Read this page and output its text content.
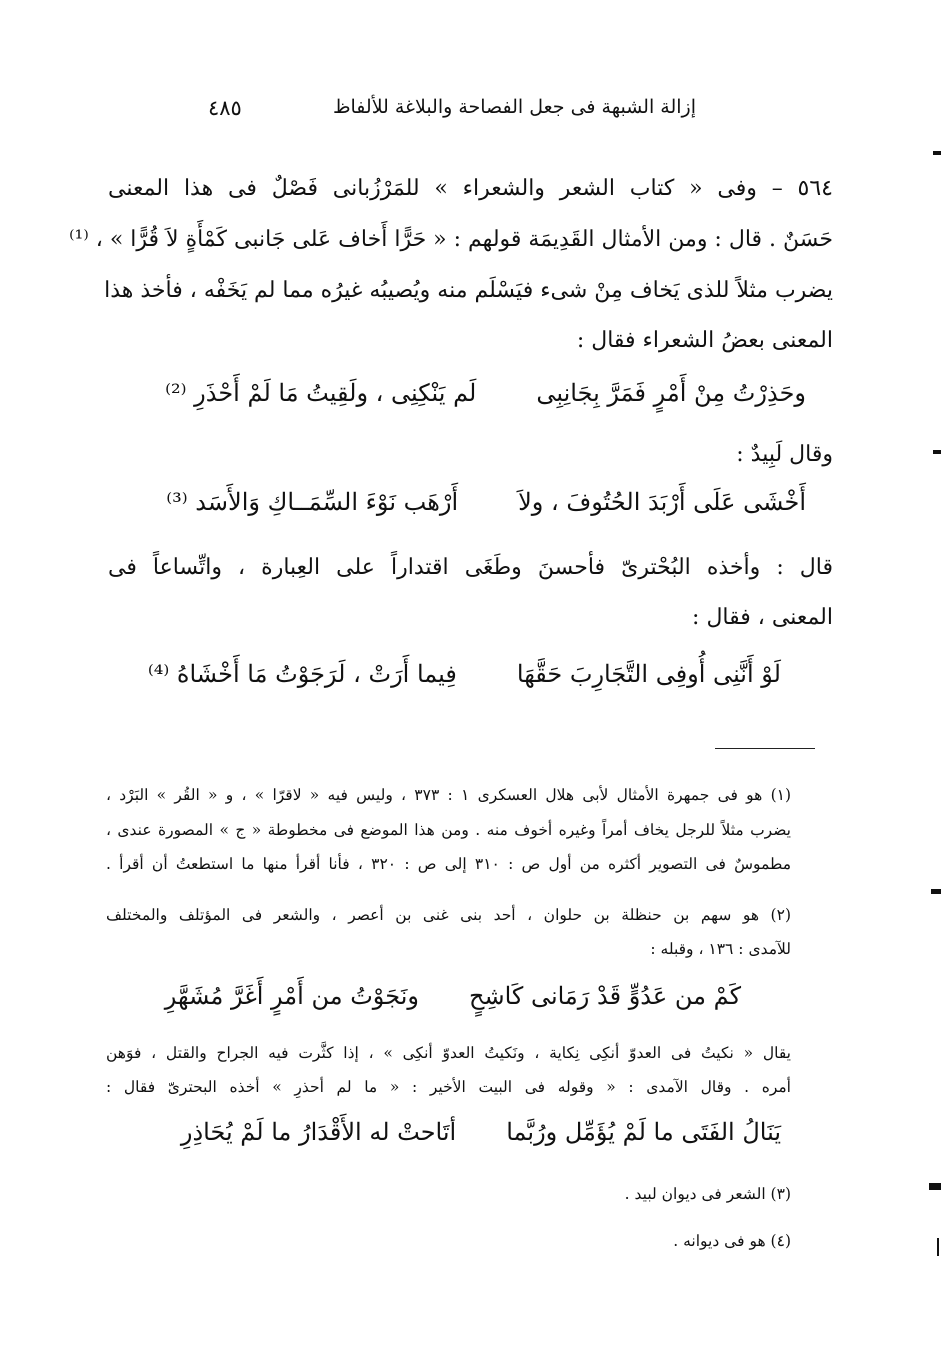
إزالة الشبهة فى جعل الفصاحة والبلاغة للألفاظ
٤٨٥
٥٦٤ – وفى « كتاب الشعر والشعراء » للمَرْزُبانى فَصْلٌ فى هذا المعنى
حَسَنٌ . قال : ومن الأمثال القَدِيمَة قولهم : « حَرًّا أَخاف عَلى جَانبى كَمْأَةٍ لاَ قُرًّا » ، ⁽¹⁾
يضرب مثلاً للذى يَخاف مِنْ شىء فيَسْلَم منه ويُصيبُه غيرُه مما لم يَخَفْه ، فأخذ هذا
المعنى بعضُ الشعراء فقال :
وحَذِرْتُ مِنْ أَمْرٍ فَمَرَّ بِجَانِبِى
لَم يَنْكِنِى ، ولَقِيتُ مَا لَمْ أَحْذَرِ ⁽²⁾
وقال لَبِيدٌ :
أَخْشَى عَلَى أَرْبَدَ الحُتُوفَ ، ولاَ
أَرْهَب نَوْءَ السِّمَــاكِ وَالأَسَد ⁽³⁾
قال : وأخذه البُحْترىّ فأحسنَ وطَغَى اقتداراً على العِبارة ، واتِّساعاً فى
المعنى ، فقال :
لَوْ أَنَّنِى أُوفِى التَّجَارِبَ حَقَّهَا
فِيما أَرَتْ ، لَرَجَوْتُ مَا أَخْشَاهُ ⁽⁴⁾
(١) هو فى جمهرة الأمثال لأبى هلال العسكرى ١ : ٣٧٣ ، وليس فيه « لاقرّا » ، و « القُر » البَرْد ،
يضرب مثلاً للرجل يخاف أمراً وغيره أخوف منه . ومن هذا الموضع فى مخطوطة « ج » المصورة عندى ،
مطموسٌ فى التصوير أكثره من أول ص : ٣١٠ إلى ص : ٣٢٠ ، فأنا أقرأ منها ما استطعتُ أن أقرأ .
(٢) هو سهم بن حنظلة بن حلوان ، أحد بنى غنى بن أعصر ، والشعر فى المؤتلف والمختلف
للآمدى : ١٣٦ ، وقبله :
كَمْ من عَدُوٍّ قَدْ رَمَانى كَاشِحٍ
ونَجَوْتُ من أَمْرٍ أَغَرَّ مُشَهَّرِ
يقال « نكيتُ فى العدوّ أنكِى نِكاية ، ونَكيتُ العدوّ أنكِى » ، إذا كثَّرت فيه الجراح والقتل ، فوَهن
أمره . وقال الآمدى : « وقوله فى البيت الأخير : « ما لم أحذرِ » أخذه البحترىّ فقال :
يَنَالُ الفَتَى ما لَمْ يُؤَمِّل ورُبَّما
أتَاحتْ له الأَقْدَارُ ما لَمْ يُحَاذِرِ
(٣) الشعر فى ديوان لبيد .
(٤) هو فى ديوانه .
